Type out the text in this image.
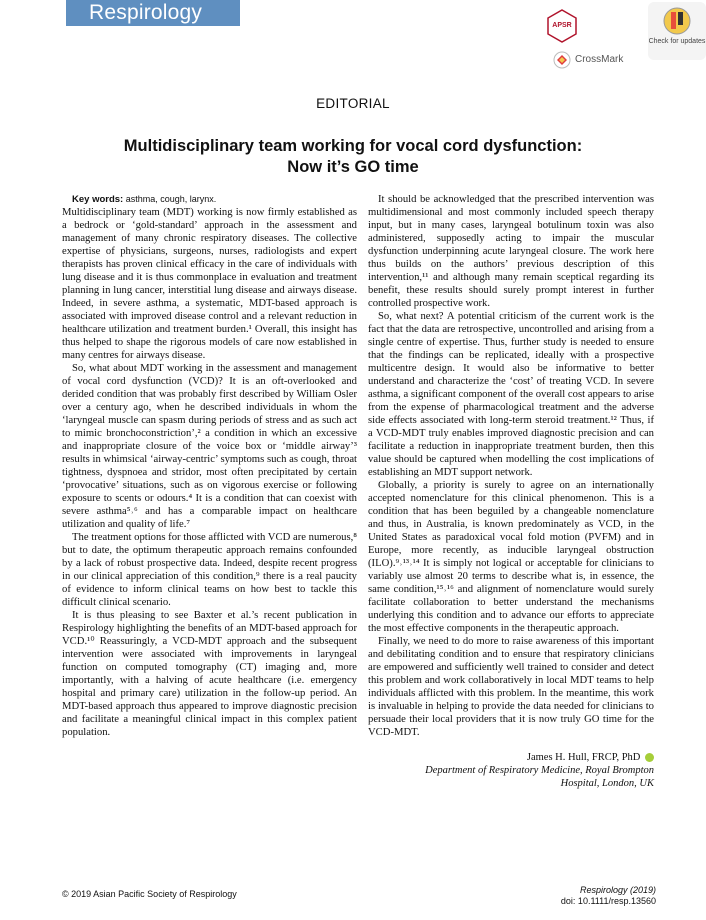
Respirology
APSR
Check for updates
CrossMark
EDITORIAL
Multidisciplinary team working for vocal cord dysfunction:
Now it’s GO time

Key words: asthma, cough, larynx.

Multidisciplinary team (MDT) working is now firmly established as a bedrock or ‘gold-standard’ approach in the assessment and management of many chronic respiratory diseases. The collective expertise of physicians, surgeons, nurses, radiologists and expert therapists has proven clinical efficacy in the care of individuals with lung disease and it is thus commonplace in evaluation and treatment planning in lung cancer, interstitial lung disease and airways disease. Indeed, in severe asthma, a systematic, MDT-based approach is associated with improved disease control and a relevant reduction in healthcare utilization and treatment burden.¹ Overall, this insight has thus helped to shape the rigorous models of care now established in many centres for airways disease.

So, what about MDT working in the assessment and management of vocal cord dysfunction (VCD)? It is an oft-overlooked and derided condition that was probably first described by William Osler over a century ago, when he described individuals in whom the ‘laryngeal muscle can spasm during periods of stress and as such act to mimic bronchoconstriction’,² a condition in which an excessive and inappropriate closure of the voice box or ‘middle airway’³ results in whimsical ‘airway-centric’ symptoms such as cough, throat tightness, dyspnoea and stridor, most often precipitated by certain ‘provocative’ situations, such as on vigorous exercise or following exposure to scents or odours.⁴ It is a condition that can coexist with severe asthma⁵˒⁶ and has a comparable impact on healthcare utilization and quality of life.⁷

The treatment options for those afflicted with VCD are numerous,⁸ but to date, the optimum therapeutic approach remains confounded by a lack of robust prospective data. Indeed, despite recent progress in our clinical appreciation of this condition,⁹ there is a real paucity of evidence to inform clinical teams on how best to tackle this difficult clinical scenario.

It is thus pleasing to see Baxter et al.’s recent publication in Respirology highlighting the benefits of an MDT-based approach for VCD.¹⁰ Reassuringly, a VCD-MDT approach and the subsequent intervention were associated with improvements in laryngeal function on computed tomography (CT) imaging and, more importantly, with a halving of acute healthcare (i.e. emergency hospital and primary care) utilization in the follow-up period. An MDT-based approach thus appeared to improve diagnostic precision and facilitate a meaningful clinical impact in this complex patient population.

It should be acknowledged that the prescribed intervention was multidimensional and most commonly included speech therapy input, but in many cases, laryngeal botulinum toxin was also administered, supposedly acting to impair the muscular dysfunction underpinning acute laryngeal closure. The work here thus builds on the authors’ previous description of this intervention,¹¹ and although many remain sceptical regarding its benefit, these results should surely prompt interest in further controlled prospective work.

So, what next? A potential criticism of the current work is the fact that the data are retrospective, uncontrolled and arising from a single centre of expertise. Thus, further study is needed to ensure that the findings can be replicated, ideally with a prospective multicentre design. It would also be informative to better understand and characterize the ‘cost’ of treating VCD. In severe asthma, a significant component of the overall cost appears to arise from the expense of pharmacological treatment and the adverse side effects associated with long-term steroid treatment.¹² Thus, if a VCD-MDT truly enables improved diagnostic precision and can facilitate a reduction in inappropriate treatment burden, then this value should be captured when modelling the cost implications of establishing an MDT support network.

Globally, a priority is surely to agree on an internationally accepted nomenclature for this clinical phenomenon. This is a condition that has been beguiled by a changeable nomenclature and thus, in Australia, is known predominately as VCD, in the United States as paradoxical vocal fold motion (PVFM) and in Europe, more recently, as inducible laryngeal obstruction (ILO).⁹˒¹³˒¹⁴ It is simply not logical or acceptable for clinicians to variably use almost 20 terms to describe what is, in essence, the same condition,¹⁵˒¹⁶ and alignment of nomenclature would surely facilitate collaboration to better understand the mechanisms underlying this condition and to advance our efforts to appreciate the most effective components in the therapeutic approach.

Finally, we need to do more to raise awareness of this important and debilitating condition and to ensure that respiratory clinicians are empowered and sufficiently well trained to consider and detect this problem and work collaboratively in local MDT teams to help individuals afflicted with this problem. In the meantime, this work is invaluable in helping to provide the data needed for clinicians to persuade their local providers that it is now truly GO time for the VCD-MDT.

James H. Hull, FRCP, PhD
Department of Respiratory Medicine, Royal Brompton
Hospital, London, UK
© 2019 Asian Pacific Society of Respirology	Respirology (2019)
doi: 10.1111/resp.13560
